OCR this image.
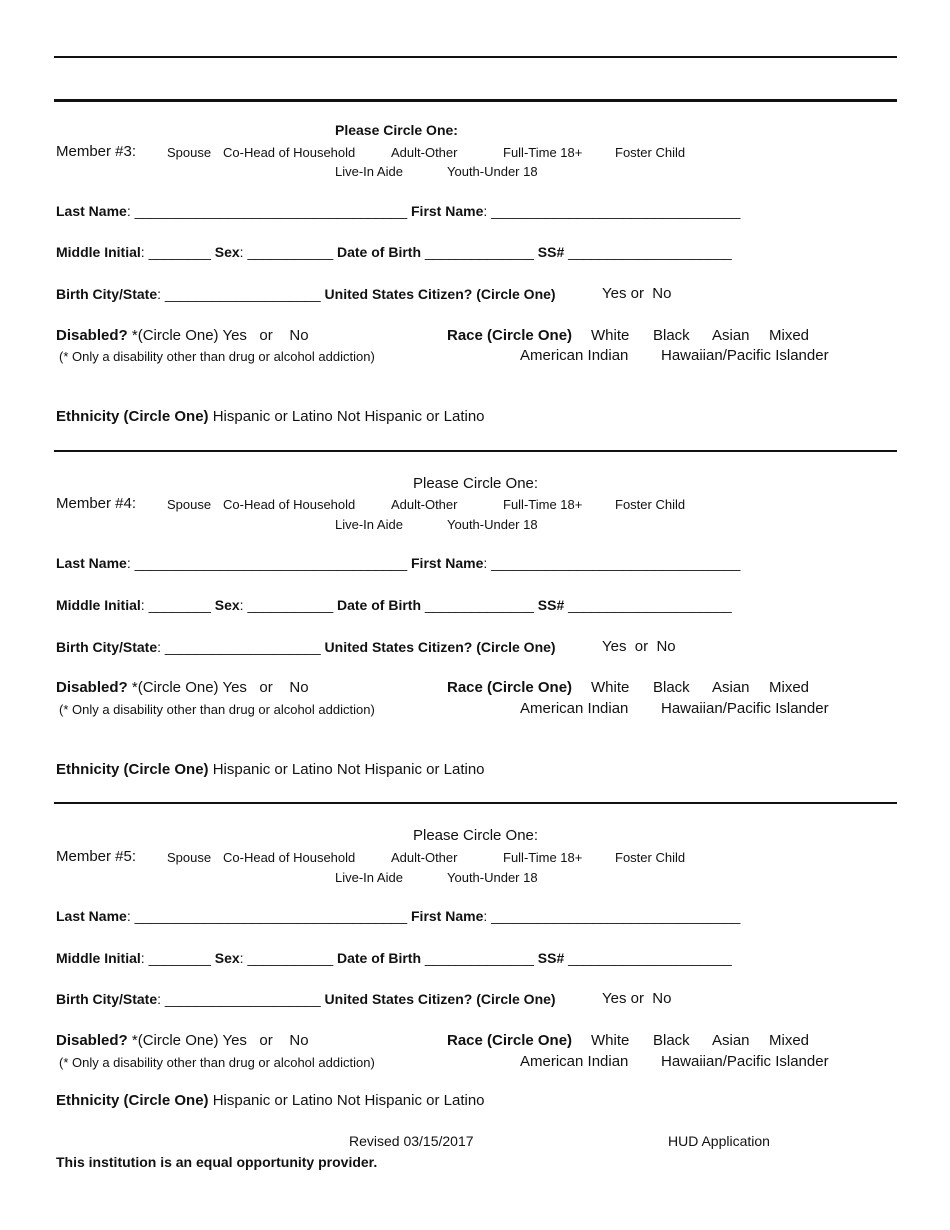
Please Circle One:
Member #3: Spouse Co-Head of Household	Adult-Other	Full-Time 18+	Foster Child
Live-In Aide	Youth-Under 18
Last Name: ___________________________________ First Name: ________________________________
Middle Initial: ________ Sex: ___________ Date of Birth ______________ SS# _____________________
Birth City/State: ____________________ United States Citizen? (Circle One)	Yes or  No
Disabled? *(Circle One) Yes   or    No
(* Only a disability other than drug or alcohol addiction)
Race (Circle One) White Black Asian Mixed
American Indian Hawaiian/Pacific Islander
Ethnicity (Circle One) Hispanic or Latino Not Hispanic or Latino
Please Circle One:
Member #4: Spouse Co-Head of Household	Adult-Other	Full-Time 18+	Foster Child
Live-In Aide	Youth-Under 18
Last Name: ___________________________________ First Name: ________________________________
Middle Initial: ________ Sex: ___________ Date of Birth ______________ SS# _____________________
Birth City/State: ____________________ United States Citizen? (Circle One)	Yes  or  No
Disabled? *(Circle One) Yes   or    No
(* Only a disability other than drug or alcohol addiction)
Race (Circle One) White Black Asian Mixed
American Indian Hawaiian/Pacific Islander
Ethnicity (Circle One) Hispanic or Latino Not Hispanic or Latino
Please Circle One:
Member #5: Spouse Co-Head of Household	Adult-Other	Full-Time 18+	Foster Child
Live-In Aide	Youth-Under 18
Last Name: ___________________________________ First Name: ________________________________
Middle Initial: ________ Sex: ___________ Date of Birth ______________ SS# _____________________
Birth City/State: ____________________ United States Citizen? (Circle One)	Yes or  No
Disabled? *(Circle One) Yes   or    No
(* Only a disability other than drug or alcohol addiction)
Race (Circle One) White Black Asian Mixed
American Indian Hawaiian/Pacific Islander
Ethnicity (Circle One) Hispanic or Latino Not Hispanic or Latino
Revised 03/15/2017	HUD Application
This institution is an equal opportunity provider.
